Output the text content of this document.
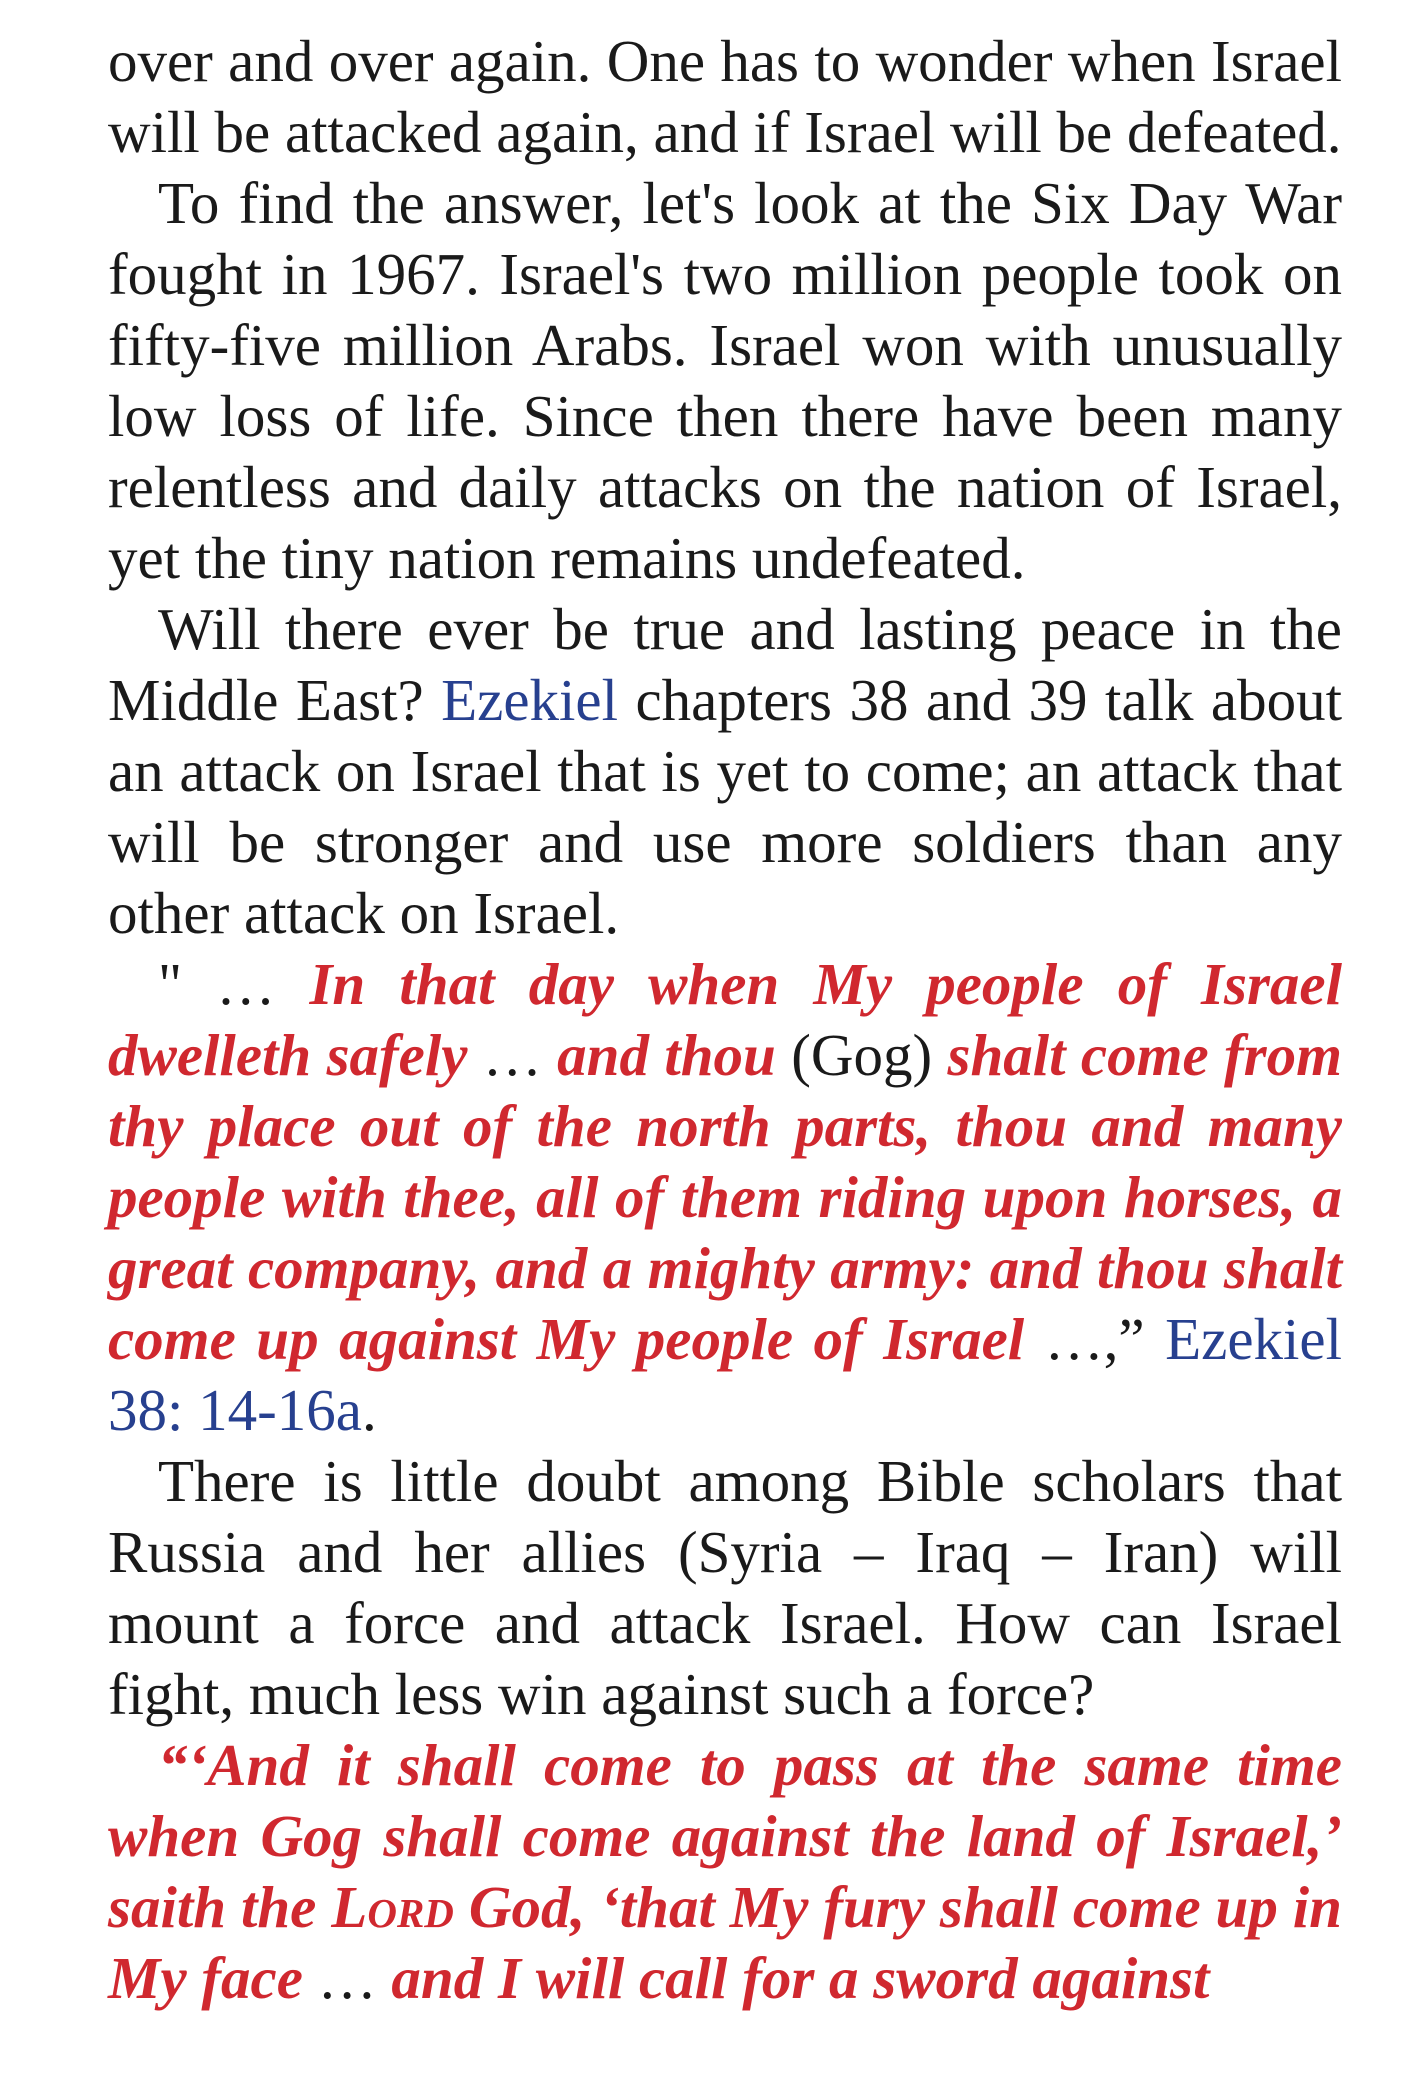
over and over again. One has to wonder when Israel will be attacked again, and if Israel will be defeated.

To find the answer, let's look at the Six Day War fought in 1967. Israel's two million people took on fifty-five million Arabs. Israel won with unusually low loss of life. Since then there have been many relentless and daily attacks on the nation of Israel, yet the tiny nation remains undefeated.

Will there ever be true and lasting peace in the Middle East? Ezekiel chapters 38 and 39 talk about an attack on Israel that is yet to come; an attack that will be stronger and use more soldiers than any other attack on Israel.

" … In that day when My people of Israel dwelleth safely … and thou (Gog) shalt come from thy place out of the north parts, thou and many people with thee, all of them riding upon horses, a great company, and a mighty army: and thou shalt come up against My people of Israel …,” Ezekiel 38: 14-16a.

There is little doubt among Bible scholars that Russia and her allies (Syria – Iraq – Iran) will mount a force and attack Israel. How can Israel fight, much less win against such a force?

“‘And it shall come to pass at the same time when Gog shall come against the land of Israel,’ saith the Lord God, ‘that My fury shall come up in My face … and I will call for a sword against
